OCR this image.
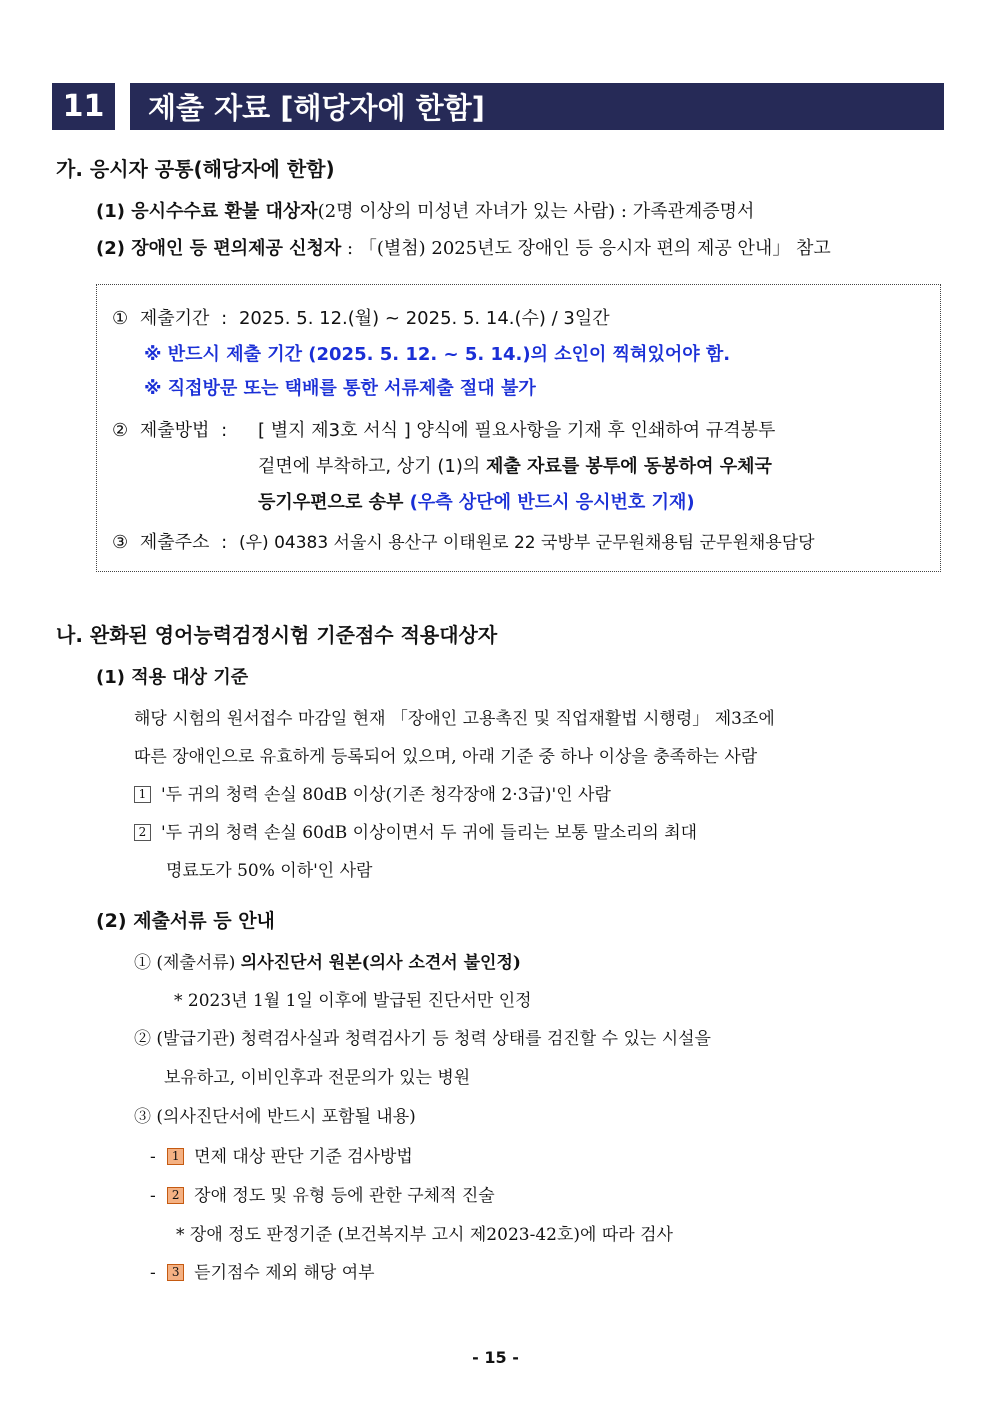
11	제출 자료 [해당자에 한함]
가. 응시자 공통(해당자에 한함)
(1) 응시수수료 환불 대상자(2명 이상의 미성년 자녀가 있는 사람) : 가족관계증명서
(2) 장애인 등 편의제공 신청자 : 「(별첨) 2025년도 장애인 등 응시자 편의 제공 안내」 참고
① 제출기간 : 2025. 5. 12.(월) ~ 2025. 5. 14.(수) / 3일간
※ 반드시 제출 기간 (2025. 5. 12. ~ 5. 14.)의 소인이 찍혀있어야 함.
※ 직접방문 또는 택배를 통한 서류제출 절대 불가
② 제출방법 : [ 별지 제3호 서식 ] 양식에 필요사항을 기재 후 인쇄하여 규격봉투
겉면에 부착하고, 상기 (1)의 제출 자료를 봉투에 동봉하여 우체국
등기우편으로 송부 (우측 상단에 반드시 응시번호 기재)
③ 제출주소 : (우) 04383 서울시 용산구 이태원로 22 국방부 군무원채용팀 군무원채용담당
나. 완화된 영어능력검정시험 기준점수 적용대상자
(1) 적용 대상 기준
해당 시험의 원서접수 마감일 현재 「장애인 고용촉진 및 직업재활법 시행령」 제3조에
따른 장애인으로 유효하게 등록되어 있으며, 아래 기준 중 하나 이상을 충족하는 사람
1 '두 귀의 청력 손실 80dB 이상(기존 청각장애 2·3급)'인 사람
2 '두 귀의 청력 손실 60dB 이상이면서 두 귀에 들리는 보통 말소리의 최대
명료도가 50% 이하'인 사람
(2) 제출서류 등 안내
① (제출서류) 의사진단서 원본(의사 소견서 불인정)
* 2023년 1월 1일 이후에 발급된 진단서만 인정
② (발급기관) 청력검사실과 청력검사기 등 청력 상태를 검진할 수 있는 시설을
보유하고, 이비인후과 전문의가 있는 병원
③ (의사진단서에 반드시 포함될 내용)
- 1 면제 대상 판단 기준 검사방법
- 2 장애 정도 및 유형 등에 관한 구체적 진술
* 장애 정도 판정기준 (보건복지부 고시 제2023-42호)에 따라 검사
- 3 듣기점수 제외 해당 여부
- 15 -
